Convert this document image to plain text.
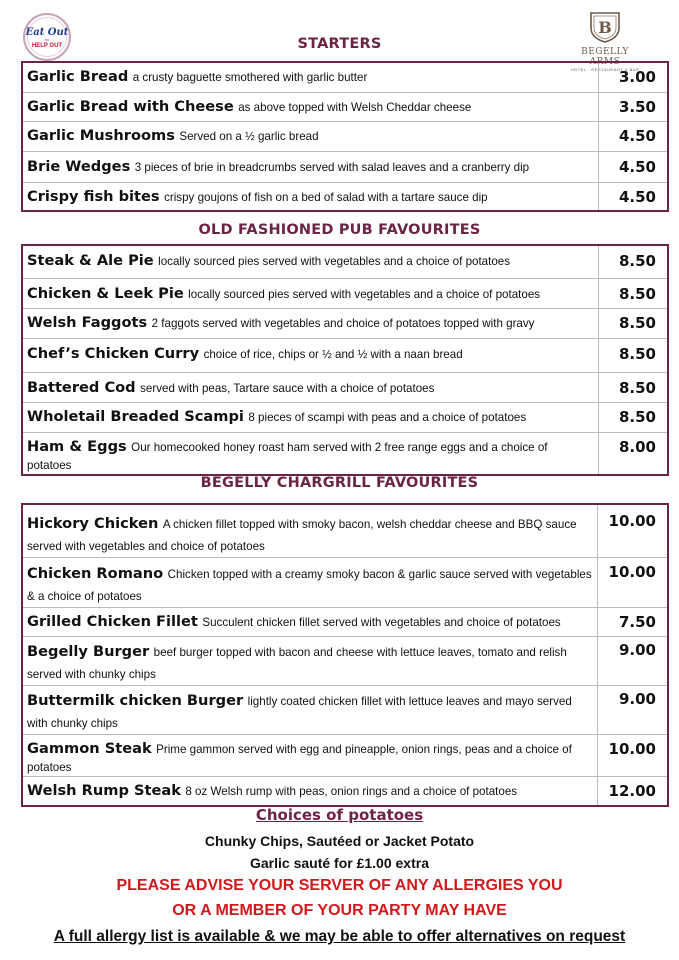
Eat Out
to
HELP OUT
B
BEGELLY ARMS
HOTEL · RESTAURANT & BAR
STARTERS
OLD FASHIONED PUB FAVOURITES
BEGELLY CHARGRILL FAVOURITES
Garlic Bread a crusty baguette smothered with garlic butter	3.00
Garlic Bread with Cheese as above topped with Welsh Cheddar cheese	3.50
Garlic Mushrooms Served on a ½ garlic bread	4.50
Brie Wedges 3 pieces of brie in breadcrumbs served with salad leaves and a cranberry dip	4.50
Crispy fish bites crispy goujons of fish on a bed of salad with a tartare sauce dip	4.50
Steak & Ale Pie locally sourced pies served with vegetables and a choice of potatoes	8.50
Chicken & Leek Pie locally sourced pies served with vegetables and a choice of potatoes	8.50
Welsh Faggots 2 faggots served with vegetables and choice of potatoes topped with gravy	8.50
Chef’s Chicken Curry choice of rice, chips or ½ and ½ with a naan bread	8.50
Battered Cod served with peas, Tartare sauce with a choice of potatoes	8.50
Wholetail Breaded Scampi 8 pieces of scampi with peas and a choice of potatoes	8.50
Ham & Eggs Our homecooked honey roast ham served with 2 free range eggs and a choice of potatoes	8.00
Hickory Chicken A chicken fillet topped with smoky bacon, welsh cheddar cheese and BBQ sauce served with vegetables and choice of potatoes	10.00
Chicken Romano Chicken topped with a creamy smoky bacon & garlic sauce served with vegetables & a choice of potatoes	10.00
Grilled Chicken Fillet Succulent chicken fillet served with vegetables and choice of potatoes	7.50
Begelly Burger beef burger topped with bacon and cheese with lettuce leaves, tomato and relish served with chunky chips	9.00
Buttermilk chicken Burger lightly coated chicken fillet with lettuce leaves and mayo served with chunky chips	9.00
Gammon Steak Prime gammon served with egg and pineapple, onion rings, peas and a choice of potatoes	10.00
Welsh Rump Steak 8 oz Welsh rump with peas, onion rings and a choice of potatoes	12.00
Choices of potatoes
Chunky Chips, Sautéed or Jacket Potato
Garlic sauté for £1.00 extra
PLEASE ADVISE YOUR SERVER OF ANY ALLERGIES YOU
OR A MEMBER OF YOUR PARTY MAY HAVE
A full allergy list is available & we may be able to offer alternatives on request
